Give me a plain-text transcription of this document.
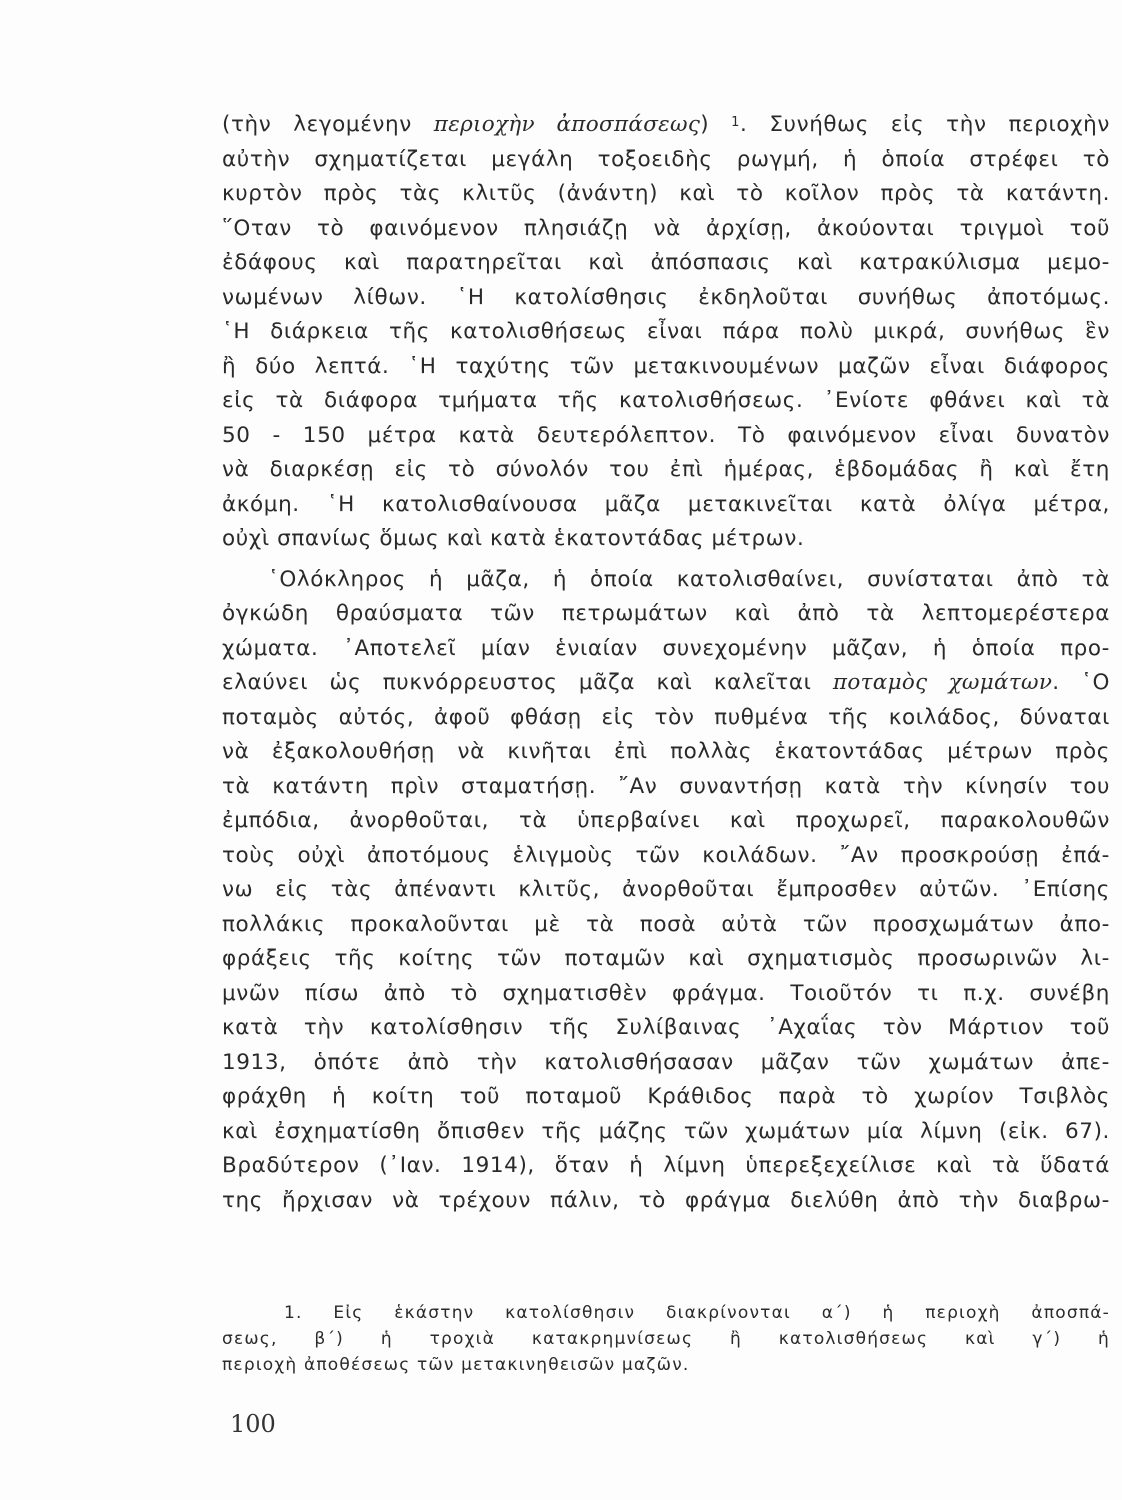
(τὴν λεγομένην περιοχὴν ἀποσπάσεως) $^1$. Συνήθως εἰς τὴν περιοχὴν
αὐτὴν σχηματίζεται μεγάλη τοξοειδὴς ρωγμή, ἡ ὁποία στρέφει τὸ
κυρτὸν πρὸς τὰς κλιτῦς (ἀνάντη) καὶ τὸ κοῖλον πρὸς τὰ κατάντη.
῞Οταν τὸ φαινόμενον πλησιάζῃ νὰ ἀρχίσῃ, ἀκούονται τριγμοὶ τοῦ
ἐδάφους καὶ παρατηρεῖται καὶ ἀπόσπασις καὶ κατρακύλισμα μεμο-
νωμένων λίθων. ῾Η κατολίσθησις ἐκδηλοῦται συνήθως ἀποτόμως.
῾Η διάρκεια τῆς κατολισθήσεως εἶναι πάρα πολὺ μικρά, συνήθως ἓν
ἢ δύο λεπτά. ῾Η ταχύτης τῶν μετακινουμένων μαζῶν εἶναι διάφορος
εἰς τὰ διάφορα τμήματα τῆς κατολισθήσεως. ᾽Ενίοτε φθάνει καὶ τὰ
50 - 150 μέτρα κατὰ δευτερόλεπτον. Τὸ φαινόμενον εἶναι δυνατὸν
νὰ διαρκέσῃ εἰς τὸ σύνολόν του ἐπὶ ἡμέρας, ἑβδομάδας ἢ καὶ ἔτη
ἀκόμη. ῾Η κατολισθαίνουσα μᾶζα μετακινεῖται κατὰ ὀλίγα μέτρα,
οὐχὶ σπανίως ὅμως καὶ κατὰ ἑκατοντάδας μέτρων.
῾Ολόκληρος ἡ μᾶζα, ἡ ὁποία κατολισθαίνει, συνίσταται ἀπὸ τὰ
ὀγκώδη θραύσματα τῶν πετρωμάτων καὶ ἀπὸ τὰ λεπτομερέστερα
χώματα. ᾽Αποτελεῖ μίαν ἑνιαίαν συνεχομένην μᾶζαν, ἡ ὁποία προ-
ελαύνει ὡς πυκνόρρευστος μᾶζα καὶ καλεῖται ποταμὸς χωμάτων. ῾Ο
ποταμὸς αὐτός, ἀφοῦ φθάσῃ εἰς τὸν πυθμένα τῆς κοιλάδος, δύναται
νὰ ἐξακολουθήσῃ νὰ κινῆται ἐπὶ πολλὰς ἑκατοντάδας μέτρων πρὸς
τὰ κατάντη πρὶν σταματήσῃ. ῎Αν συναντήσῃ κατὰ τὴν κίνησίν του
ἐμπόδια, ἀνορθοῦται, τὰ ὑπερβαίνει καὶ προχωρεῖ, παρακολουθῶν
τοὺς οὐχὶ ἀποτόμους ἑλιγμοὺς τῶν κοιλάδων. ῎Αν προσκρούσῃ ἐπά-
νω εἰς τὰς ἀπέναντι κλιτῦς, ἀνορθοῦται ἔμπροσθεν αὐτῶν. ᾽Επίσης
πολλάκις προκαλοῦνται μὲ τὰ ποσὰ αὐτὰ τῶν προσχωμάτων ἀπο-
φράξεις τῆς κοίτης τῶν ποταμῶν καὶ σχηματισμὸς προσωρινῶν λι-
μνῶν πίσω ἀπὸ τὸ σχηματισθὲν φράγμα. Τοιοῦτόν τι π.χ. συνέβη
κατὰ τὴν κατολίσθησιν τῆς Συλίβαινας ᾽Αχαΐας τὸν Μάρτιον τοῦ
1913, ὁπότε ἀπὸ τὴν κατολισθήσασαν μᾶζαν τῶν χωμάτων ἀπε-
φράχθη ἡ κοίτη τοῦ ποταμοῦ Κράθιδος παρὰ τὸ χωρίον Τσιβλὸς
καὶ ἐσχηματίσθη ὄπισθεν τῆς μάζης τῶν χωμάτων μία λίμνη (εἰκ. 67).
Βραδύτερον (᾽Ιαν. 1914), ὅταν ἡ λίμνη ὑπερεξεχείλισε καὶ τὰ ὕδατά
της ἤρχισαν νὰ τρέχουν πάλιν, τὸ φράγμα διελύθη ἀπὸ τὴν διαβρω-
1. Εἰς ἑκάστην κατολίσθησιν διακρίνονται α΄) ἡ περιοχὴ ἀποσπά-
σεως, β΄) ἡ τροχιὰ κατακρημνίσεως ἢ κατολισθήσεως καὶ γ΄) ἡ
περιοχὴ ἀποθέσεως τῶν μετακινηθεισῶν μαζῶν.
100
